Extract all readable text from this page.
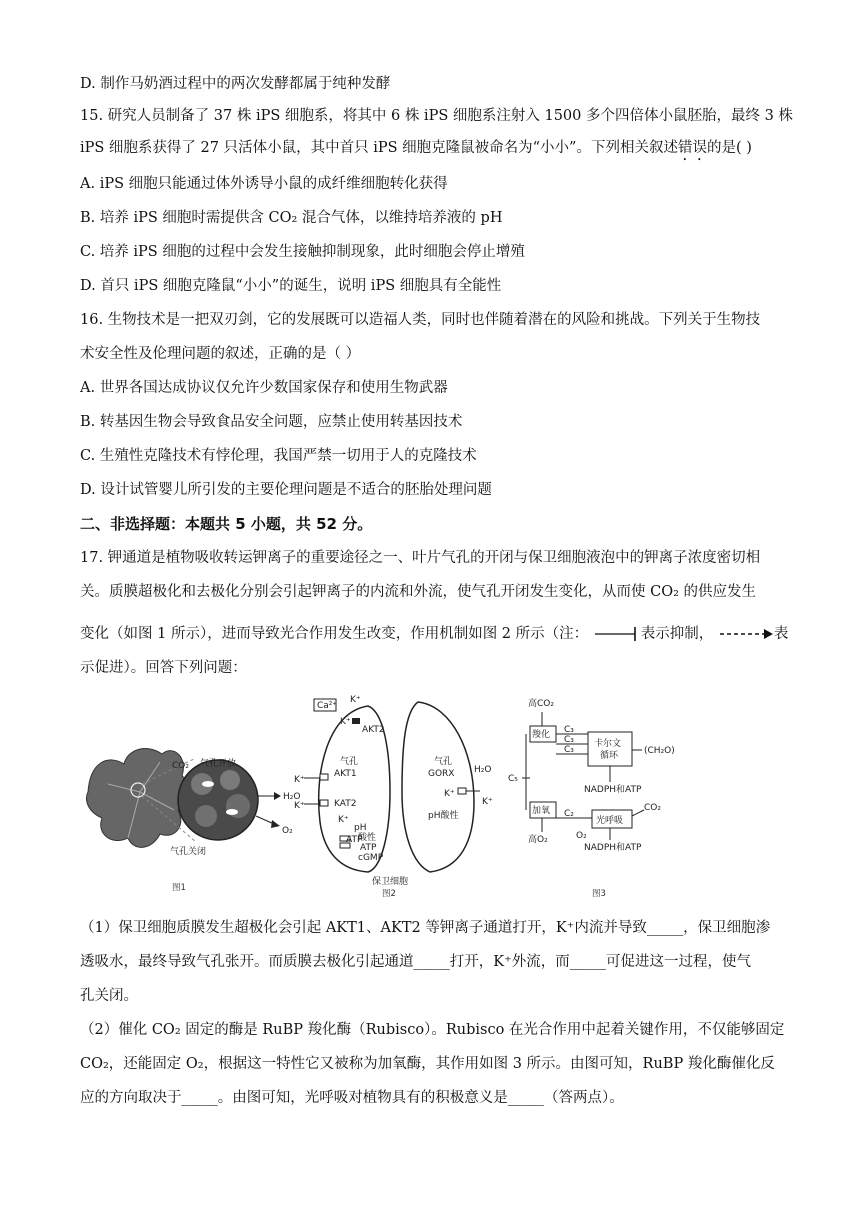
D. 制作马奶酒过程中的两次发酵都属于纯种发酵
15. 研究人员制备了 37 株 iPS 细胞系，将其中 6 株 iPS 细胞系注射入 1500 多个四倍体小鼠胚胎，最终 3 株
iPS 细胞系获得了 27 只活体小鼠，其中首只 iPS 细胞克隆鼠被命名为“小小”。下列相关叙述错误的是( )
A. iPS 细胞只能通过体外诱导小鼠的成纤维细胞转化获得
B. 培养 iPS 细胞时需提供含 CO₂ 混合气体，以维持培养液的 pH
C. 培养 iPS 细胞的过程中会发生接触抑制现象，此时细胞会停止增殖
D. 首只 iPS 细胞克隆鼠“小小”的诞生，说明 iPS 细胞具有全能性
16. 生物技术是一把双刃剑，它的发展既可以造福人类，同时也伴随着潜在的风险和挑战。下列关于生物技
术安全性及伦理问题的叙述，正确的是（ ）
A. 世界各国达成协议仅允许少数国家保存和使用生物武器
B. 转基因生物会导致食品安全问题，应禁止使用转基因技术
C. 生殖性克隆技术有悖伦理，我国严禁一切用于人的克隆技术
D. 设计试管婴儿所引发的主要伦理问题是不适合的胚胎处理问题
二、非选择题：本题共 5 小题，共 52 分。
17. 钾通道是植物吸收转运钾离子的重要途径之一、叶片气孔的开闭与保卫细胞液泡中的钾离子浓度密切相
关。质膜超极化和去极化分别会引起钾离子的内流和外流，使气孔开闭发生变化，从而使 CO₂ 的供应发生
变化（如图 1 所示），进而导致光合作用发生改变，作用机制如图 2 所示（注：	表示抑制，	表
示促进）。回答下列问题：
CO₂ 气孔开放
H₂O
O₂
气孔关闭
图1
Ca²⁺
K⁺
K⁺
AKT2
气孔
AKT1
K⁺
KAT2
K⁺
K⁺
ATP
pH
酸性
ATP
cGMP
气孔
GORX H₂O
K⁺
K⁺
pH酸性
保卫细胞
图2
高CO₂
羧化 C₃
C₃
C₃
卡尔文
循环	(CH₂O)
C₅
NADPH和ATP
加氧 C₂
光呼吸
CO₂
高O₂	O₂
NADPH和ATP
图3
（1）保卫细胞质膜发生超极化会引起 AKT1、AKT2 等钾离子通道打开，K⁺内流并导致_____，保卫细胞渗
透吸水，最终导致气孔张开。而质膜去极化引起通道_____打开，K⁺外流，而_____可促进这一过程，使气
孔关闭。
（2）催化 CO₂ 固定的酶是 RuBP 羧化酶（Rubisco）。Rubisco 在光合作用中起着关键作用，不仅能够固定
CO₂，还能固定 O₂，根据这一特性它又被称为加氧酶，其作用如图 3 所示。由图可知，RuBP 羧化酶催化反
应的方向取决于_____。由图可知，光呼吸对植物具有的积极意义是_____（答两点）。
